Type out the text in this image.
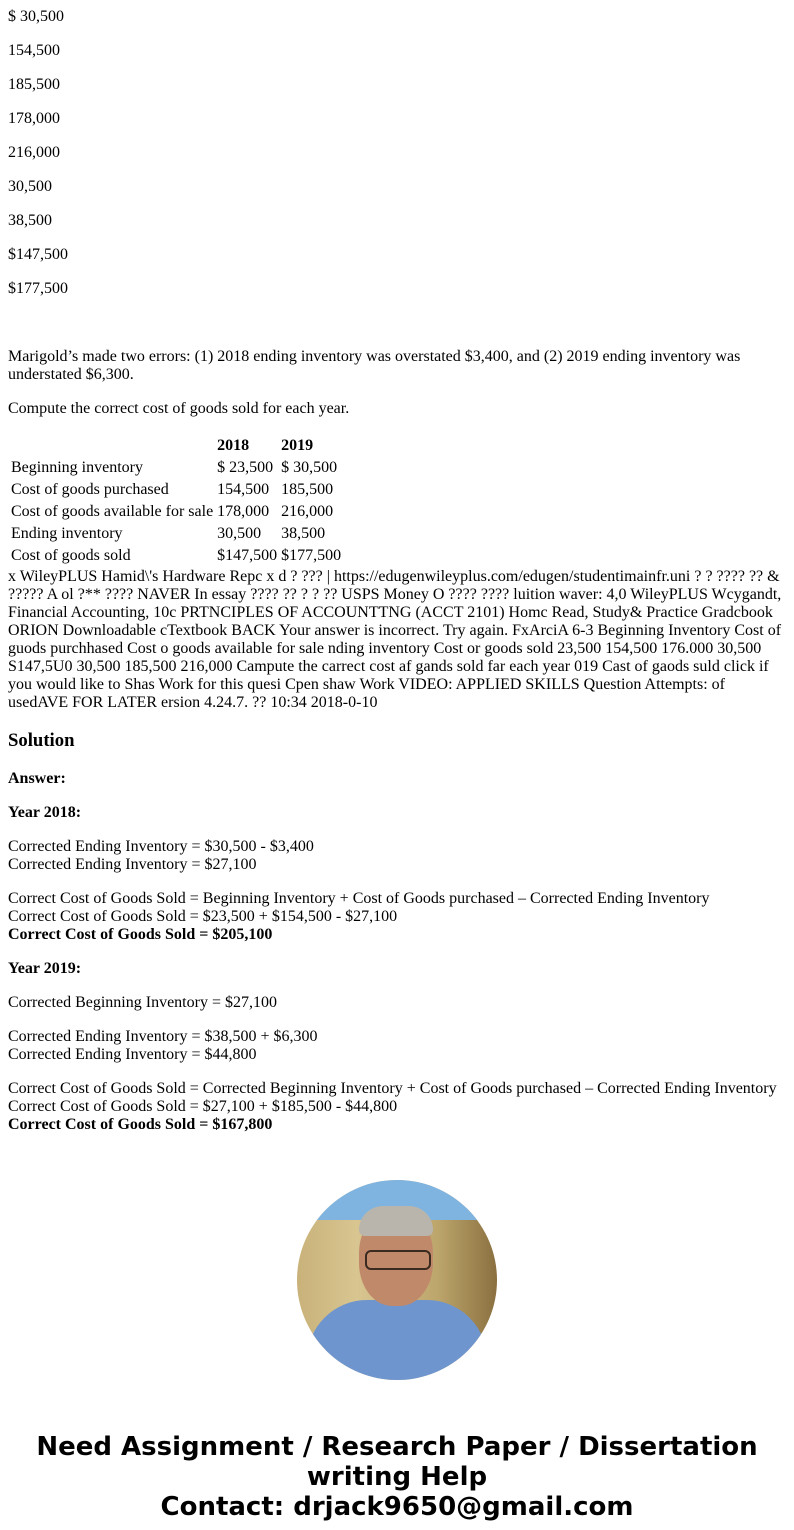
$ 30,500

154,500

185,500

178,000

216,000

30,500

38,500

$147,500

$177,500

Marigold’s made two errors: (1) 2018 ending inventory was overstated $3,400, and (2) 2019 ending inventory was understated $6,300.

Compute the correct cost of goods sold for each year.

	2018	2019
Beginning inventory	$ 23,500	$ 30,500
Cost of goods purchased	154,500	185,500
Cost of goods available for sale	178,000	216,000
Ending inventory	30,500	38,500
Cost of goods sold	$147,500	$177,500
x WileyPLUS Hamid\'s Hardware Repc x d ? ??? | https://edugenwileyplus.com/edugen/studentimainfr.uni ? ? ???? ?? & ????? A ol ?** ???? NAVER In essay ???? ?? ? ? ?? USPS Money O ???? ???? luition waver: 4,0 WileyPLUS Wcygandt, Financial Accounting, 10c PRTNCIPLES OF ACCOUNTTNG (ACCT 2101) Homc Read, Study& Practice Gradcbook ORION Downloadable cTextbook BACK Your answer is incorrect. Try again. FxArciA 6-3 Beginning Inventory Cost of guods purchhased Cost o goods available for sale nding inventory Cost or goods sold 23,500 154,500 176.000 30,500 S147,5U0 30,500 185,500 216,000 Campute the carrect cost af gands sold far each year 019 Cast of gaods suld click if you would like to Shas Work for this quesi Cpen shaw Work VIDEO: APPLIED SKILLS Question Attempts: of usedAVE FOR LATER ersion 4.24.7. ?? 10:34 2018-0-10
Solution

Answer:

Year 2018:

Corrected Ending Inventory = $30,500 - $3,400
Corrected Ending Inventory = $27,100

Correct Cost of Goods Sold = Beginning Inventory + Cost of Goods purchased – Corrected Ending Inventory
Correct Cost of Goods Sold = $23,500 + $154,500 - $27,100
Correct Cost of Goods Sold = $205,100

Year 2019:

Corrected Beginning Inventory = $27,100

Corrected Ending Inventory = $38,500 + $6,300
Corrected Ending Inventory = $44,800

Correct Cost of Goods Sold = Corrected Beginning Inventory + Cost of Goods purchased – Corrected Ending Inventory
Correct Cost of Goods Sold = $27,100 + $185,500 - $44,800
Correct Cost of Goods Sold = $167,800

Need Assignment / Research Paper / Dissertation writing Help
Contact: drjack9650@gmail.com
